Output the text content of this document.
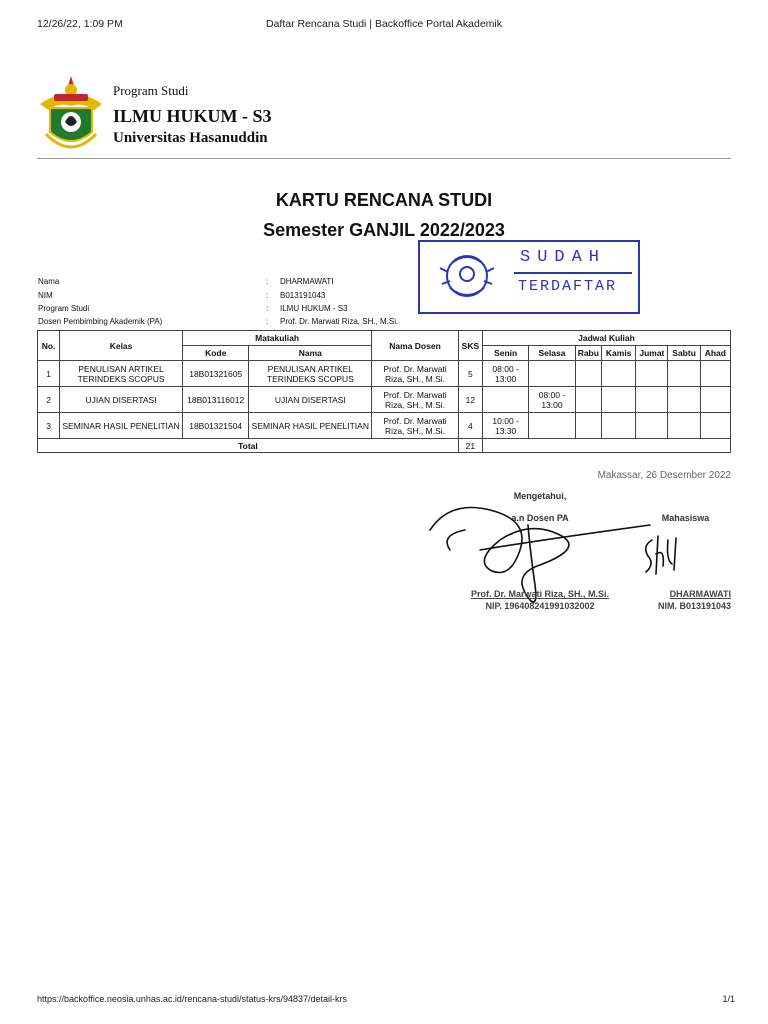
12/26/22, 1:09 PM	Daftar Rencana Studi | Backoffice Portal Akademik
Program Studi
ILMU HUKUM - S3
Universitas Hasanuddin
KARTU RENCANA STUDI
Semester GANJIL 2022/2023
SUDAH
TERDAFTAR
Nama	: DHARMAWATI
NIM	: B013191043
Program Studi	: ILMU HUKUM - S3
Dosen Pembimbing Akademik (PA)	: Prof. Dr. Marwati Riza, SH., M.Si.
No.	Kelas	Matakuliah		Nama Dosen	SKS	Jadwal Kuliah						
		Kode	Nama			Senin	Selasa	Rabu	Kamis	Jumat	Sabtu	Ahad
1	PENULISAN ARTIKEL TERINDEKS SCOPUS	18B01321605	PENULISAN ARTIKEL TERINDEKS SCOPUS	Prof. Dr. Marwati Riza, SH., M.Si.	5	08:00 - 13:00						
2	UJIAN DISERTASI	18B013116012	UJIAN DISERTASI	Prof. Dr. Marwati Riza, SH., M.Si.	12		08:00 - 13:00					
3	SEMINAR HASIL PENELITIAN	18B01321504	SEMINAR HASIL PENELITIAN	Prof. Dr. Marwati Riza, SH., M.Si.	4	10:00 - 13:30						
Total					21							
Makassar, 26 Desember 2022
Mengetahui,
a.n Dosen PA	Mahasiswa
Prof. Dr. Marwati Riza, SH., M.Si.
NIP. 196408241991032002
DHARMAWATI
NIM. B013191043
https://backoffice.neosia.unhas.ac.id/rencana-studi/status-krs/94837/detail-krs	1/1
